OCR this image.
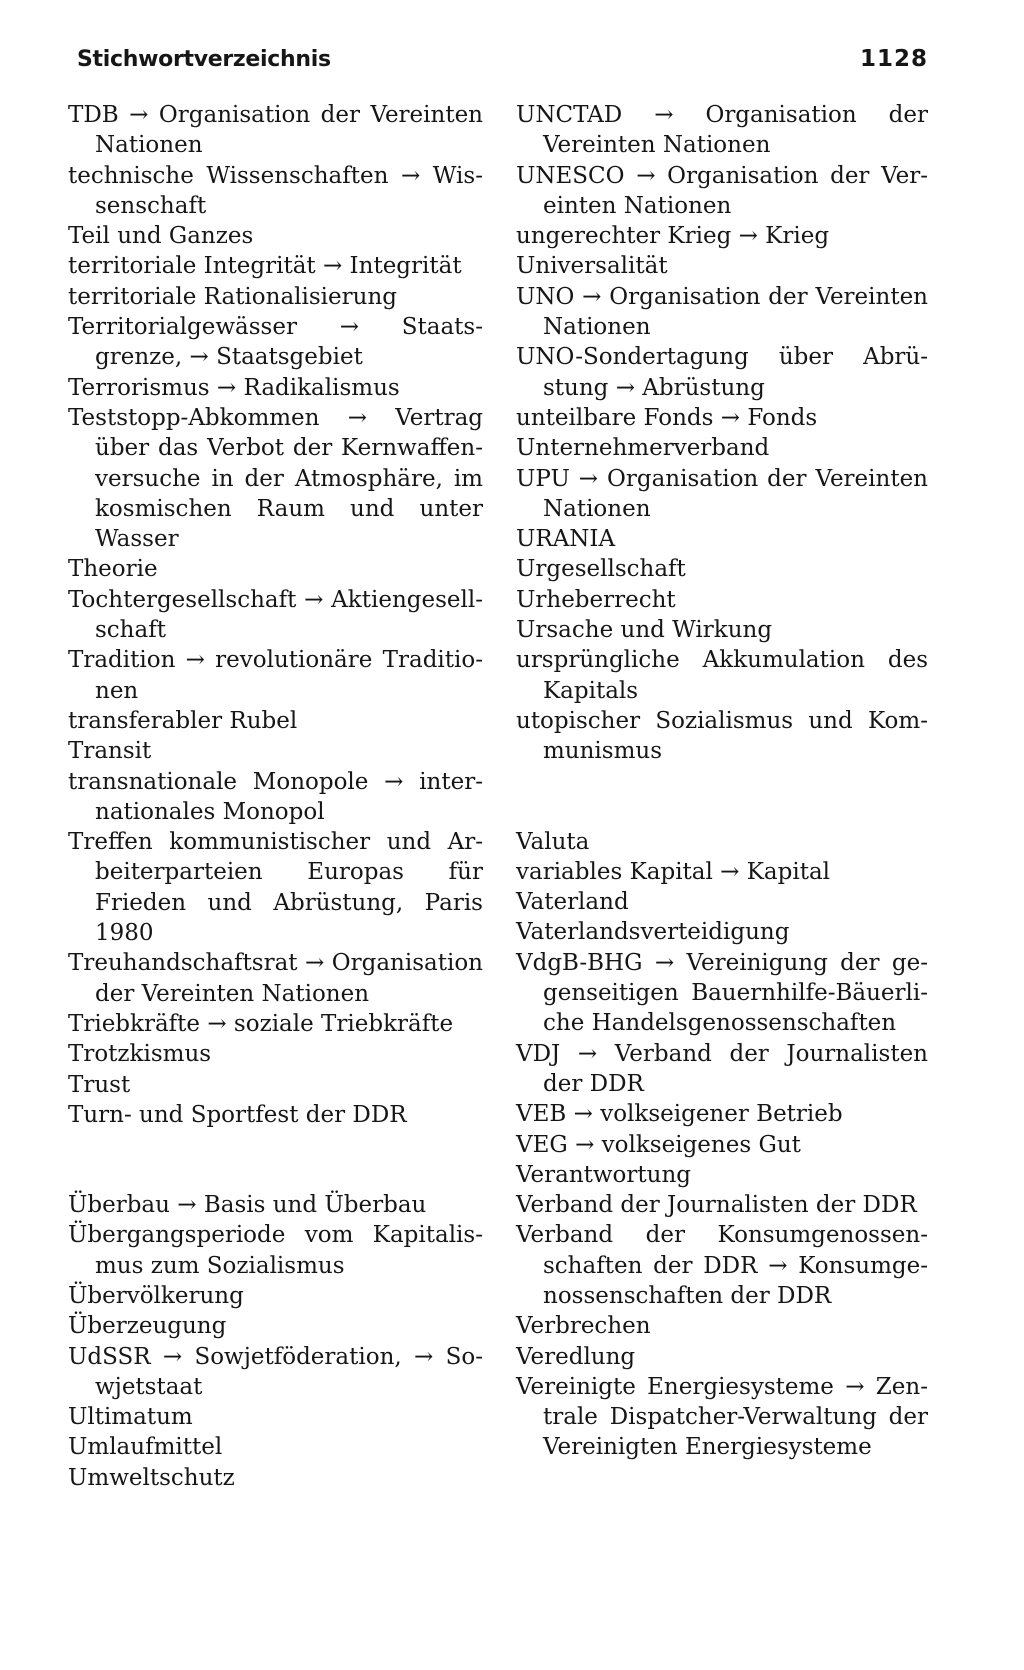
Stichwortverzeichnis	1128
TDB → Organisation der Vereinten Nationen
technische Wissenschaften → Wissenschaft
Teil und Ganzes
territoriale Integrität → Integrität
territoriale Rationalisierung
Territorialgewässer → Staatsgrenze, → Staatsgebiet
Terrorismus → Radikalismus
Teststopp-Abkommen → Vertrag über das Verbot der Kernwaffenversuche in der Atmosphäre, im kosmischen Raum und unter Wasser
Theorie
Tochtergesellschaft → Aktiengesellschaft
Tradition → revolutionäre Traditionen
transferabler Rubel
Transit
transnationale Monopole → internationales Monopol
Treffen kommunistischer und Arbeiterparteien Europas für Frieden und Abrüstung, Paris 1980
Treuhandschaftsrat → Organisation der Vereinten Nationen
Triebkräfte → soziale Triebkräfte
Trotzkismus
Trust
Turn- und Sportfest der DDR
Überbau → Basis und Überbau
Übergangsperiode vom Kapitalismus zum Sozialismus
Übervölkerung
Überzeugung
UdSSR → Sowjetföderation, → Sowjetstaat
Ultimatum
Umlaufmittel
Umweltschutz
UNCTAD → Organisation der Vereinten Nationen
UNESCO → Organisation der Vereinten Nationen
ungerechter Krieg → Krieg
Universalität
UNO → Organisation der Vereinten Nationen
UNO-Sondertagung über Abrüstung → Abrüstung
unteilbare Fonds → Fonds
Unternehmerverband
UPU → Organisation der Vereinten Nationen
URANIA
Urgesellschaft
Urheberrecht
Ursache und Wirkung
ursprüngliche Akkumulation des Kapitals
utopischer Sozialismus und Kommunismus
Valuta
variables Kapital → Kapital
Vaterland
Vaterlandsverteidigung
VdgB-BHG → Vereinigung der gegenseitigen Bauernhilfe-Bäuerliche Handelsgenossenschaften
VDJ → Verband der Journalisten der DDR
VEB → volkseigener Betrieb
VEG → volkseigenes Gut
Verantwortung
Verband der Journalisten der DDR
Verband der Konsumgenossenschaften der DDR → Konsumgenossenschaften der DDR
Verbrechen
Veredlung
Vereinigte Energiesysteme → Zentrale Dispatcher-Verwaltung der Vereinigten Energiesysteme
